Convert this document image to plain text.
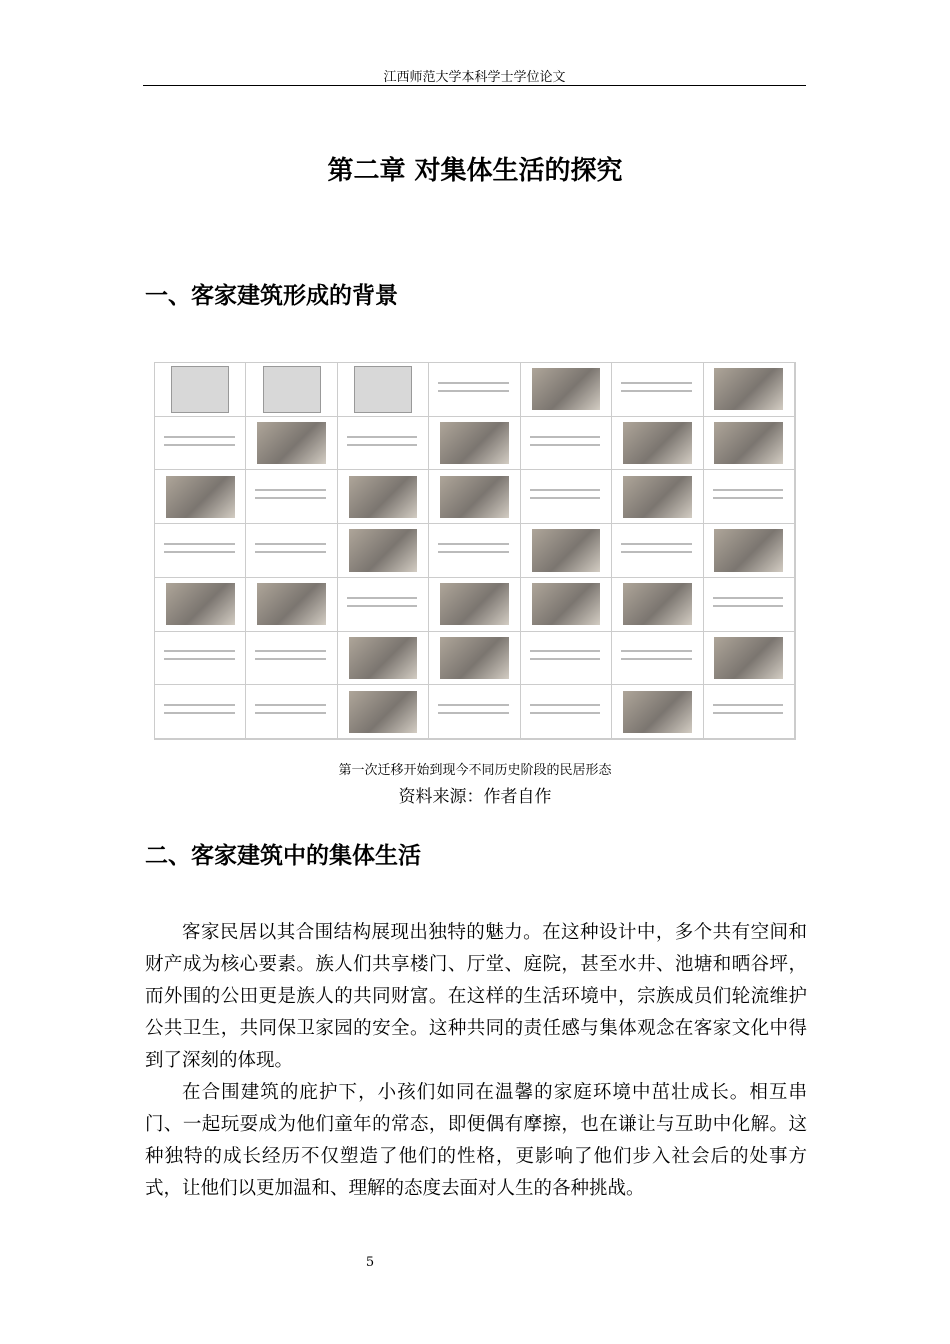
江西师范大学本科学士学位论文
第二章 对集体生活的探究
一、客家建筑形成的背景
第一次迁移开始到现今不同历史阶段的民居形态
资料来源：作者自作
二、客家建筑中的集体生活

客家民居以其合围结构展现出独特的魅力。在这种设计中，多个共有空间和财产成为核心要素。族人们共享楼门、厅堂、庭院，甚至水井、池塘和晒谷坪，而外围的公田更是族人的共同财富。在这样的生活环境中，宗族成员们轮流维护公共卫生，共同保卫家园的安全。这种共同的责任感与集体观念在客家文化中得到了深刻的体现。

在合围建筑的庇护下，小孩们如同在温馨的家庭环境中茁壮成长。相互串门、一起玩耍成为他们童年的常态，即便偶有摩擦，也在谦让与互助中化解。这种独特的成长经历不仅塑造了他们的性格，更影响了他们步入社会后的处事方式，让他们以更加温和、理解的态度去面对人生的各种挑战。

5
